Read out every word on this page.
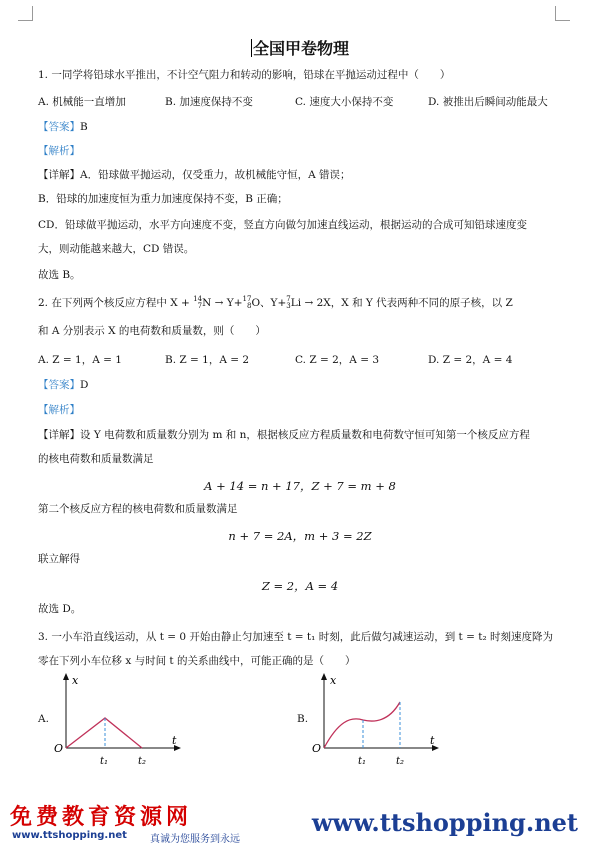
全国甲卷物理
1. 一同学将铅球水平推出，不计空气阻力和转动的影响，铅球在平抛运动过程中（　　）
A. 机械能一直增加	B. 加速度保持不变	C. 速度大小保持不变	D. 被推出后瞬间动能最大
【答案】B
【解析】
【详解】A．铅球做平抛运动，仅受重力，故机械能守恒，A 错误；
B．铅球的加速度恒为重力加速度保持不变，B 正确；
CD．铅球做平抛运动，水平方向速度不变，竖直方向做匀加速直线运动，根据运动的合成可知铅球速度变
大，则动能越来越大，CD 错误。
故选 B。
2. 在下列两个核反应方程中 X + 14
7N → Y+17
8O、Y+7
3Li → 2X，X 和 Y 代表两种不同的原子核，以 Z
和 A 分别表示 X 的电荷数和质量数，则（　　）
A. Z = 1，A = 1	B. Z = 1，A = 2	C. Z = 2，A = 3	D. Z = 2，A = 4
【答案】D
【解析】
【详解】设 Y 电荷数和质量数分别为 m 和 n，根据核反应方程质量数和电荷数守恒可知第一个核反应方程
的核电荷数和质量数满足
A + 14 = n + 17，Z + 7 = m + 8
第二个核反应方程的核电荷数和质量数满足
n + 7 = 2A，m + 3 = 2Z
联立解得
Z = 2，A = 4
故选 D。
3. 一小车沿直线运动，从 t = 0 开始由静止匀加速至 t = t₁ 时刻，此后做匀减速运动，到 t = t₂ 时刻速度降为
零在下列小车位移 x 与时间 t 的关系曲线中，可能正确的是（　　）
A.
x
t
O
t₁	t₂
B.
x
t
O
t₁	t₂
免费教育资源网
www.ttshopping.net 真诚为您服务到永远
www.ttshopping.net
